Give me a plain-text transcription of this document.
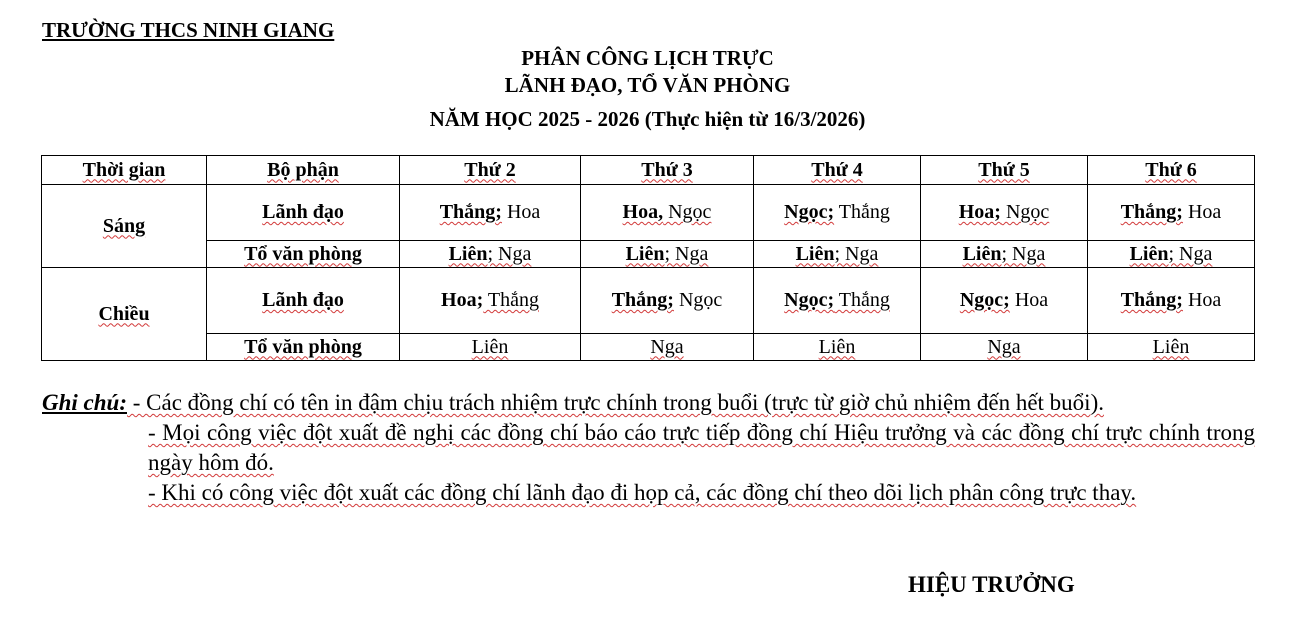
TRƯỜNG THCS NINH GIANG
PHÂN CÔNG LỊCH TRỰC
LÃNH ĐẠO, TỔ VĂN PHÒNG
NĂM HỌC 2025 - 2026 (Thực hiện từ 16/3/2026)
Thời gian	Bộ phận	Thứ 2	Thứ 3	Thứ 4	Thứ 5	Thứ 6
Sáng	Lãnh đạo	Thắng; Hoa	Hoa, Ngọc	Ngọc; Thắng	Hoa; Ngọc	Thắng; Hoa
	Tổ văn phòng	Liên; Nga	Liên; Nga	Liên; Nga	Liên; Nga	Liên; Nga
Chiều	Lãnh đạo	Hoa; Thắng	Thắng; Ngọc	Ngọc; Thắng	Ngọc; Hoa	Thắng; Hoa
	Tổ văn phòng	Liên	Nga	Liên	Nga	Liên

Ghi chú: - Các đồng chí có tên in đậm chịu trách nhiệm trực chính trong buổi (trực từ giờ chủ nhiệm đến hết buổi).

- Mọi công việc đột xuất đề nghị các đồng chí báo cáo trực tiếp đồng chí Hiệu trưởng và các đồng chí trực chính trong ngày hôm đó.

- Khi có công việc đột xuất các đồng chí lãnh đạo đi họp cả, các đồng chí theo dõi lịch phân công trực thay.

HIỆU TRƯỞNG
